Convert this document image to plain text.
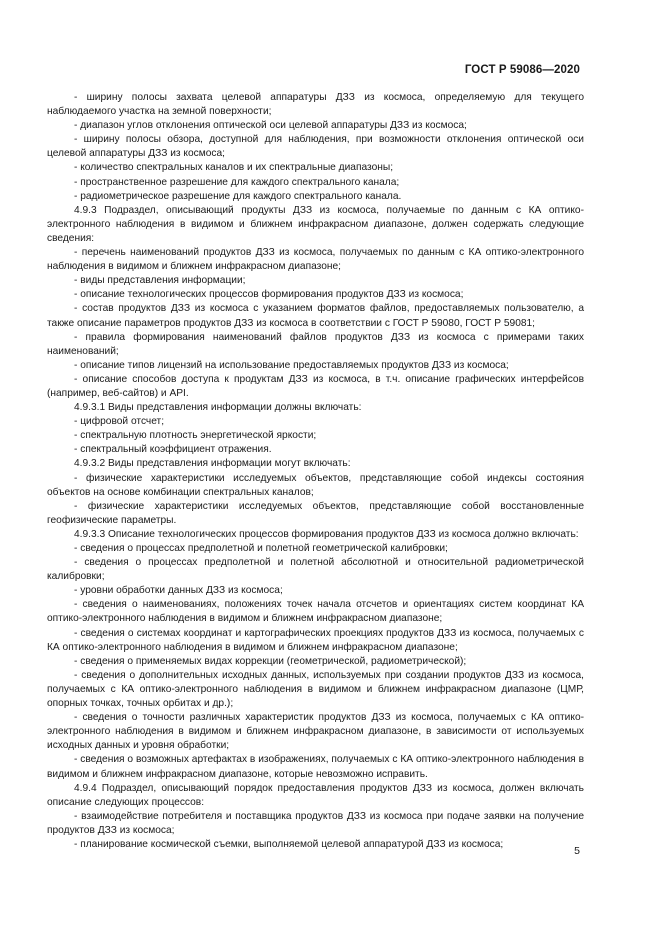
ГОСТ Р 59086—2020

- ширину полосы захвата целевой аппаратуры ДЗЗ из космоса, определяемую для текущего наблюдаемого участка на земной поверхности;

- диапазон углов отклонения оптической оси целевой аппаратуры ДЗЗ из космоса;

- ширину полосы обзора, доступной для наблюдения, при возможности отклонения оптической оси целевой аппаратуры ДЗЗ из космоса;

- количество спектральных каналов и их спектральные диапазоны;

- пространственное разрешение для каждого спектрального канала;

- радиометрическое разрешение для каждого спектрального канала.

4.9.3 Подраздел, описывающий продукты ДЗЗ из космоса, получаемые по данным с КА оптико-электронного наблюдения в видимом и ближнем инфракрасном диапазоне, должен содержать следующие сведения:

- перечень наименований продуктов ДЗЗ из космоса, получаемых по данным с КА оптико-электронного наблюдения в видимом и ближнем инфракрасном диапазоне;

- виды представления информации;

- описание технологических процессов формирования продуктов ДЗЗ из космоса;

- состав продуктов ДЗЗ из космоса с указанием форматов файлов, предоставляемых пользователю, а также описание параметров продуктов ДЗЗ из космоса в соответствии с ГОСТ Р 59080, ГОСТ Р 59081;

- правила формирования наименований файлов продуктов ДЗЗ из космоса с примерами таких наименований;

- описание типов лицензий на использование предоставляемых продуктов ДЗЗ из космоса;

- описание способов доступа к продуктам ДЗЗ из космоса, в т.ч. описание графических интерфейсов (например, веб-сайтов) и API.

4.9.3.1 Виды представления информации должны включать:

- цифровой отсчет;

- спектральную плотность энергетической яркости;

- спектральный коэффициент отражения.

4.9.3.2 Виды представления информации могут включать:

- физические характеристики исследуемых объектов, представляющие собой индексы состояния объектов на основе комбинации спектральных каналов;

- физические характеристики исследуемых объектов, представляющие собой восстановленные геофизические параметры.

4.9.3.3 Описание технологических процессов формирования продуктов ДЗЗ из космоса должно включать:

- сведения о процессах предполетной и полетной геометрической калибровки;

- сведения о процессах предполетной и полетной абсолютной и относительной радиометрической калибровки;

- уровни обработки данных ДЗЗ из космоса;

- сведения о наименованиях, положениях точек начала отсчетов и ориентациях систем координат КА оптико-электронного наблюдения в видимом и ближнем инфракрасном диапазоне;

- сведения о системах координат и картографических проекциях продуктов ДЗЗ из космоса, получаемых с КА оптико-электронного наблюдения в видимом и ближнем инфракрасном диапазоне;

- сведения о применяемых видах коррекции (геометрической, радиометрической);

- сведения о дополнительных исходных данных, используемых при создании продуктов ДЗЗ из космоса, получаемых с КА оптико-электронного наблюдения в видимом и ближнем инфракрасном диапазоне (ЦМР, опорных точках, точных орбитах и др.);

- сведения о точности различных характеристик продуктов ДЗЗ из космоса, получаемых с КА оптико-электронного наблюдения в видимом и ближнем инфракрасном диапазоне, в зависимости от используемых исходных данных и уровня обработки;

- сведения о возможных артефактах в изображениях, получаемых с КА оптико-электронного наблюдения в видимом и ближнем инфракрасном диапазоне, которые невозможно исправить.

4.9.4 Подраздел, описывающий порядок предоставления продуктов ДЗЗ из космоса, должен включать описание следующих процессов:

- взаимодействие потребителя и поставщика продуктов ДЗЗ из космоса при подаче заявки на получение продуктов ДЗЗ из космоса;

- планирование космической съемки, выполняемой целевой аппаратурой ДЗЗ из космоса;

5
